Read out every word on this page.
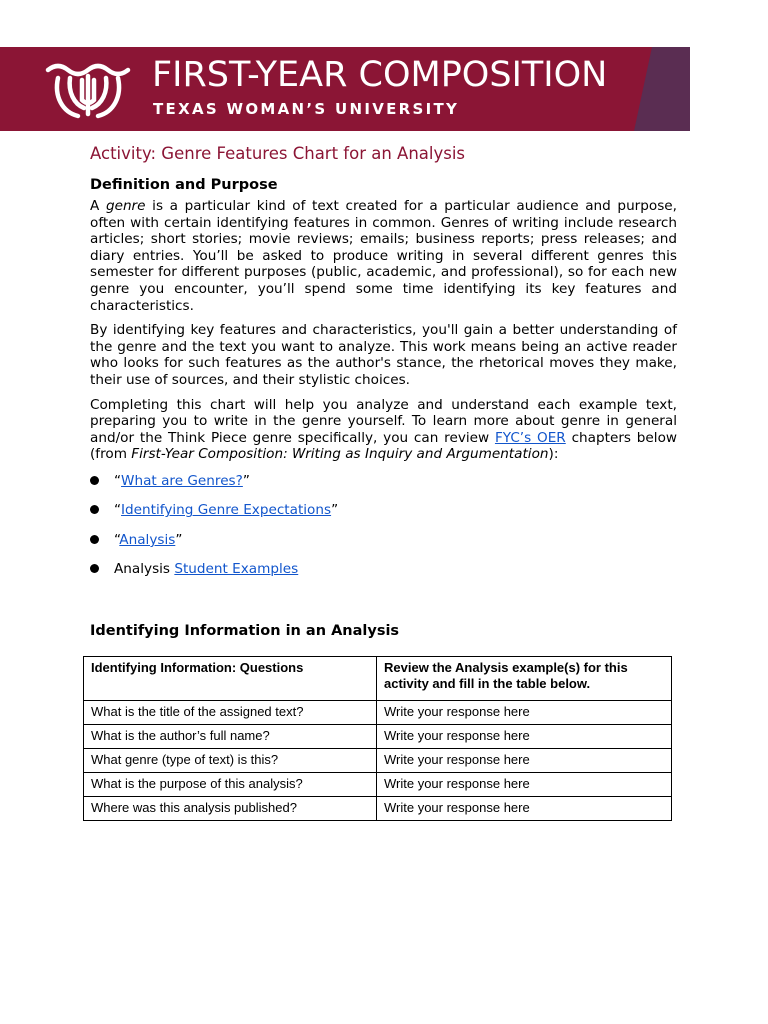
FIRST-YEAR COMPOSITION
TEXAS WOMAN’S UNIVERSITY
Activity: Genre Features Chart for an Analysis
Definition and Purpose

A genre is a particular kind of text created for a particular audience and purpose, often with certain identifying features in common. Genres of writing include research articles; short stories; movie reviews; emails; business reports; press releases; and diary entries. You’ll be asked to produce writing in several different genres this semester for different purposes (public, academic, and professional), so for each new genre you encounter, you’ll spend some time identifying its key features and characteristics.

By identifying key features and characteristics, you'll gain a better understanding of the genre and the text you want to analyze. This work means being an active reader who looks for such features as the author's stance, the rhetorical moves they make, their use of sources, and their stylistic choices.

Completing this chart will help you analyze and understand each example text, preparing you to write in the genre yourself. To learn more about genre in general and/or the Think Piece genre specifically, you can review FYC’s OER chapters below (from First-Year Composition: Writing as Inquiry and Argumentation):

“What are Genres?”
“Identifying Genre Expectations”
“Analysis”
Analysis Student Examples
Identifying Information in an Analysis
Identifying Information: Questions	Review the Analysis example(s) for this activity and fill in the table below.
What is the title of the assigned text?	Write your response here
What is the author’s full name?	Write your response here
What genre (type of text) is this?	Write your response here
What is the purpose of this analysis?	Write your response here
Where was this analysis published?	Write your response here
